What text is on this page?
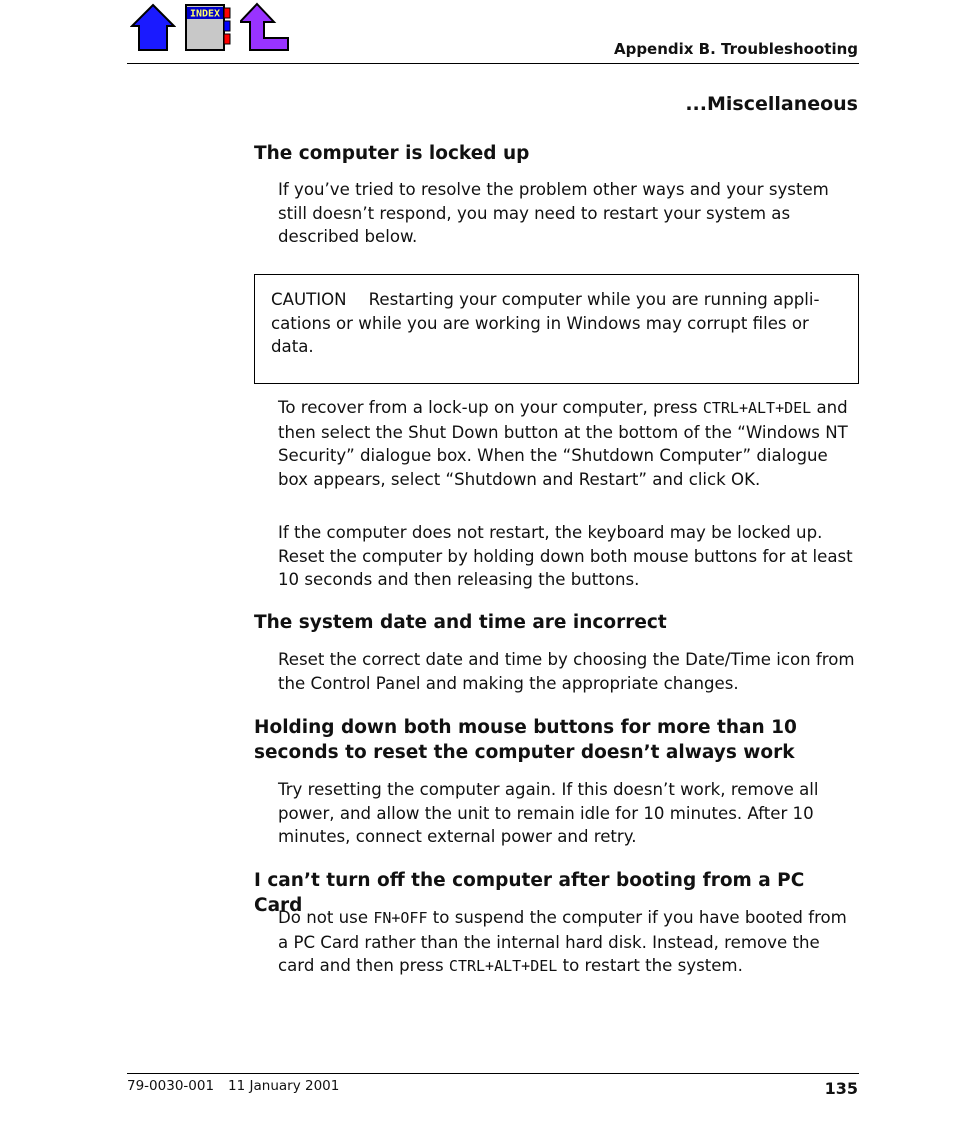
INDEX
Appendix B. Troubleshooting
...Miscellaneous
The computer is locked up
If you’ve tried to resolve the problem other ways and your system still doesn’t respond, you may need to restart your system as described below.
CAUTION Restarting your computer while you are running applications or while you are working in Windows may corrupt files or data.
To recover from a lock-up on your computer, press CTRL+ALT+DEL and then select the Shut Down button at the bottom of the “Windows NT Security” dialogue box. When the “Shutdown Computer” dialogue box appears, select “Shutdown and Restart” and click OK.
If the computer does not restart, the keyboard may be locked up. Reset the computer by holding down both mouse buttons for at least 10 seconds and then releasing the buttons.
The system date and time are incorrect
Reset the correct date and time by choosing the Date/Time icon from the Control Panel and making the appropriate changes.
Holding down both mouse buttons for more than 10 seconds to reset the computer doesn’t always work
Try resetting the computer again. If this doesn’t work, remove all power, and allow the unit to remain idle for 10 minutes. After 10 minutes, connect external power and retry.
I can’t turn off the computer after booting from a PC Card
Do not use FN+OFF to suspend the computer if you have booted from a PC Card rather than the internal hard disk. Instead, remove the card and then press CTRL+ALT+DEL to restart the system.
79-0030-001 11 January 2001	135
